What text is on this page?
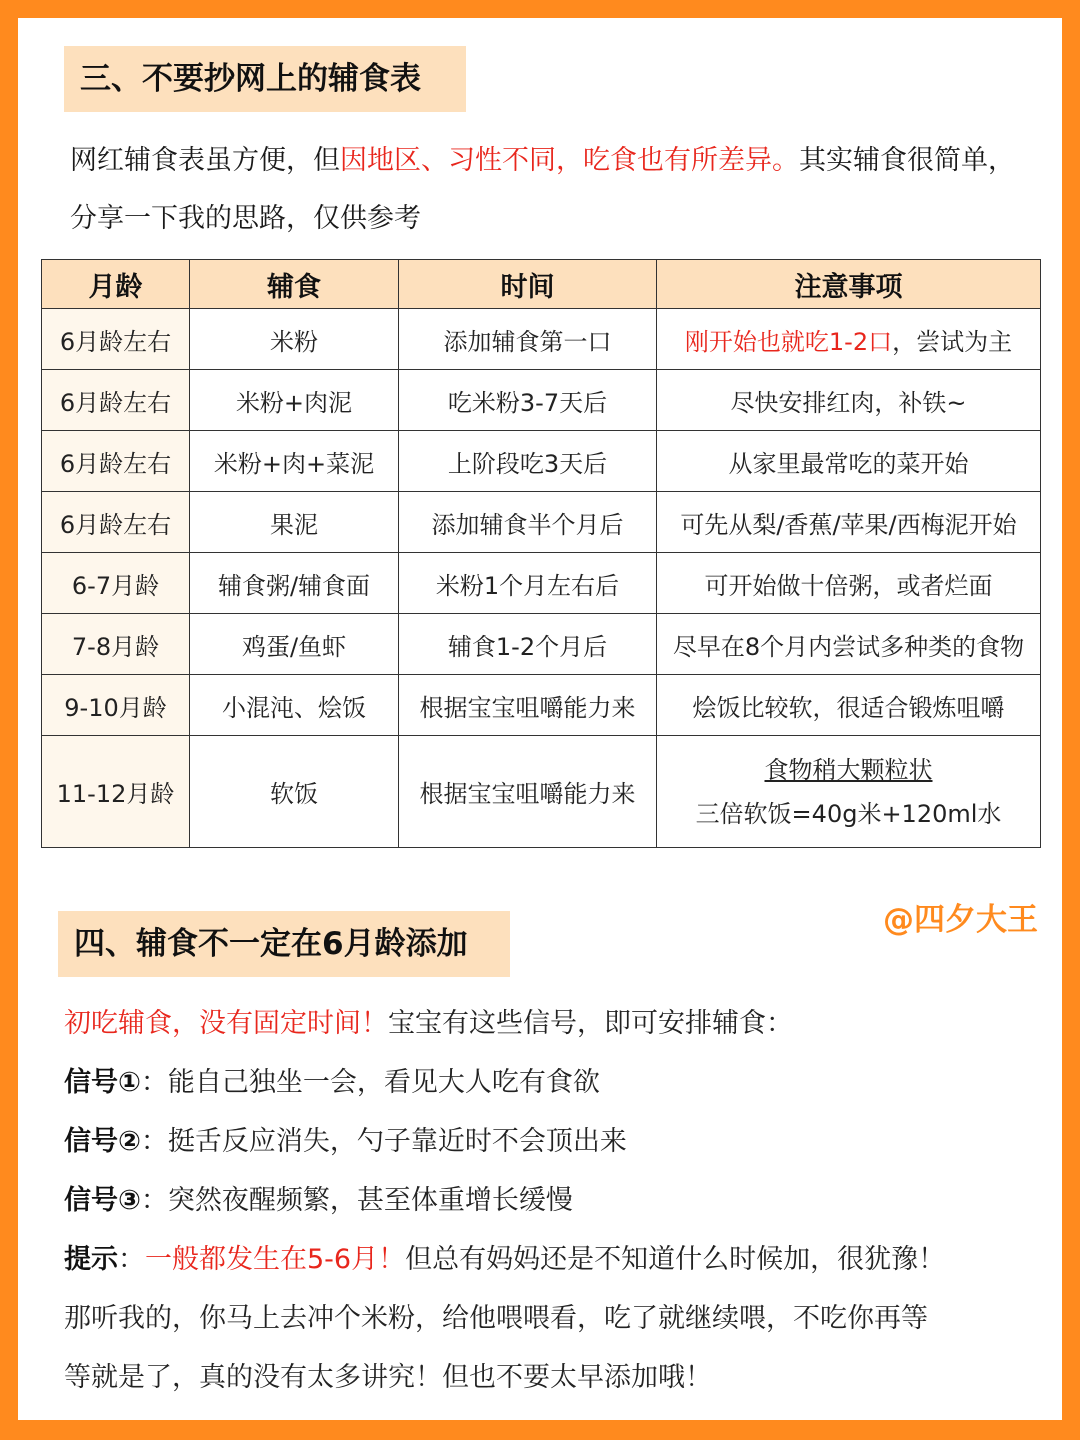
三、不要抄网上的辅食表
网红辅食表虽方便，但因地区、习性不同，吃食也有所差异。其实辅食很简单，分享一下我的思路，仅供参考
月龄	辅食	时间	注意事项
6月龄左右	米粉	添加辅食第一口	刚开始也就吃1-2口，尝试为主
6月龄左右	米粉+肉泥	吃米粉3-7天后	尽快安排红肉，补铁~
6月龄左右	米粉+肉+菜泥	上阶段吃3天后	从家里最常吃的菜开始
6月龄左右	果泥	添加辅食半个月后	可先从梨/香蕉/苹果/西梅泥开始
6-7月龄	辅食粥/辅食面	米粉1个月左右后	可开始做十倍粥，或者烂面
7-8月龄	鸡蛋/鱼虾	辅食1-2个月后	尽早在8个月内尝试多种类的食物
9-10月龄	小混沌、烩饭	根据宝宝咀嚼能力来	烩饭比较软，很适合锻炼咀嚼
11-12月龄	软饭	根据宝宝咀嚼能力来	食物稍大颗粒状
三倍软饭=40g米+120ml水
@四夕大王
四、辅食不一定在6月龄添加
初吃辅食，没有固定时间！宝宝有这些信号，即可安排辅食：
信号①：能自己独坐一会，看见大人吃有食欲
信号②：挺舌反应消失，勺子靠近时不会顶出来
信号③：突然夜醒频繁，甚至体重增长缓慢
提示：一般都发生在5-6月！但总有妈妈还是不知道什么时候加，很犹豫！
那听我的，你马上去冲个米粉，给他喂喂看，吃了就继续喂，不吃你再等
等就是了，真的没有太多讲究！但也不要太早添加哦！
